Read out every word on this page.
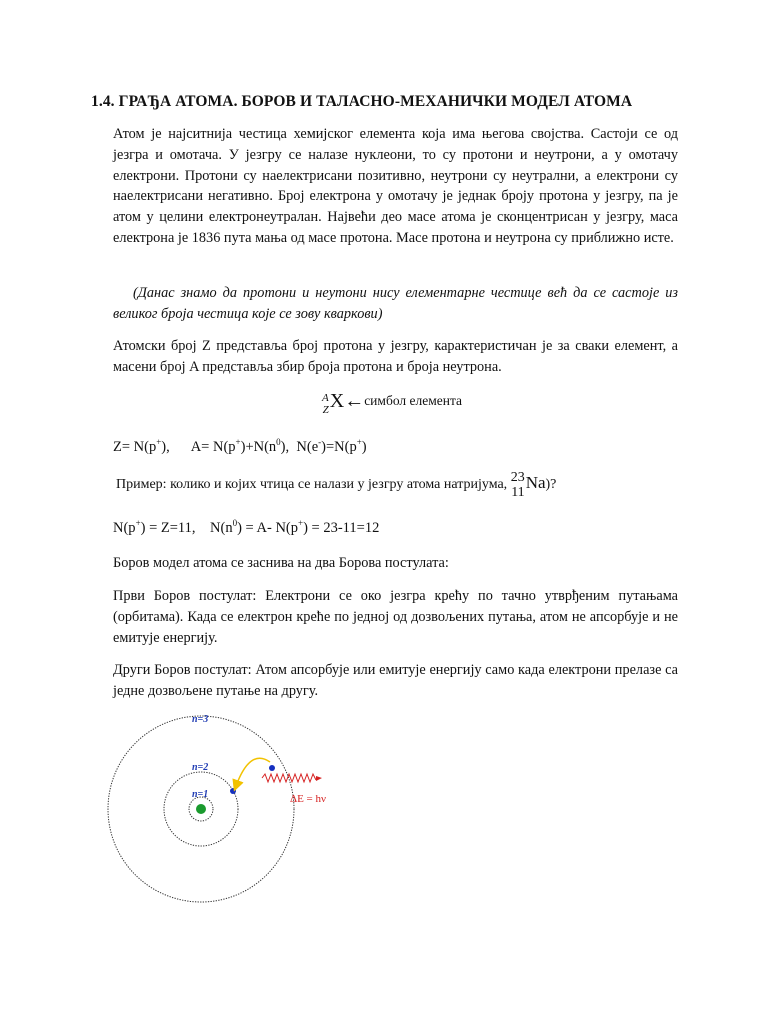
1.4. ГРАЂА АТОМА. БОРОВ И ТАЛАСНО-МЕХАНИЧКИ МОДЕЛ АТОМА
Атом је најситнија честица хемијског елемента која има његова својства. Састоји се од језгра и омотача. У језгру се налазе нуклеони, то су протони и неутрони, а у омотачу електрони. Протони су наелектрисани позитивно, неутрони су неутрални, а електрони су наелектрисани негативно. Број електрона у омотачу је једнак броју протона у језгру, па је атом у целини електронеутралан. Највећи део масе атома је сконцентрисан у језгру, маса електрона је 1836 пута мања од масе протона. Масе протона и неутрона су приближно исте.
(Данас знамо да протони и неутони нису елементарне честице већ да се састоје из великог броја честица које се зову кваркови)
Атомски број Z представља број протона у језгру, карактеристичан је за сваки елемент, а масени број A представља збир броја протона и броја неутрона.
A
ZX←симбол елемента
Z= N(p+),      $A= N(p^+)+N(n^0)$,  N(e-)=N(p+)
Пример: колико и којих чтица се налази у језгру атома натријума, 23
11Na)?
N(p+) = Z=11,    $N(n^0) = A-$ N(p+) = 23-11=12
Боров модел атома се заснива на два Борова постулата:
Први Боров постулат: Електрони се око језгра крећу по тачно утврђеним путањама (орбитама). Када се електрон креће по једној од дозвољених путања, атом не апсорбује и не емитује енергију.
Други Боров постулат: Атом апсорбује или емитује енергију само када електрони прелазе са једне дозвољене путање на другу.
n=3
n=2
n=1	ΔE = hν
